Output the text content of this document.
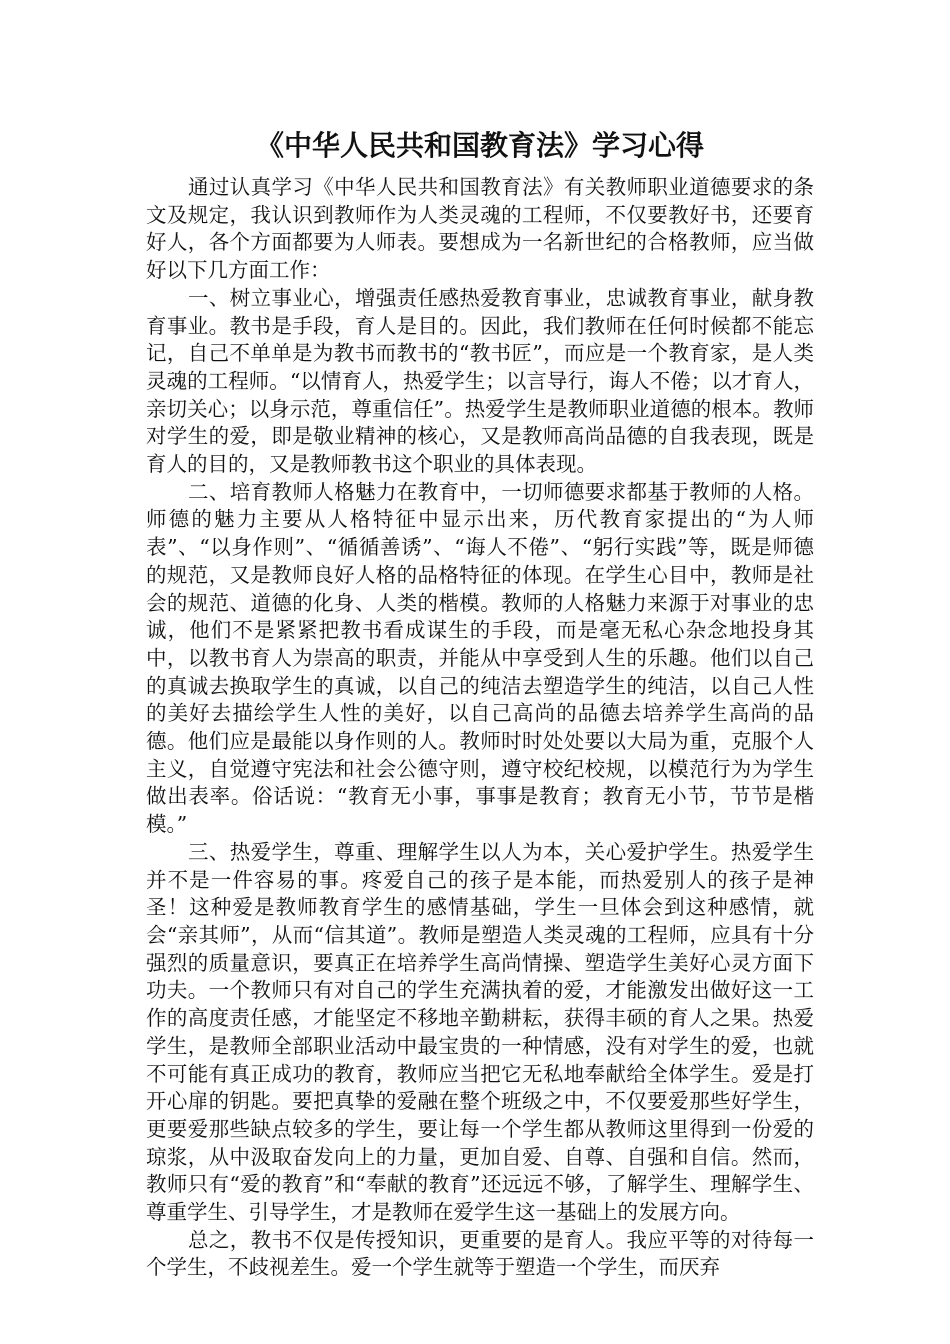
《中华人民共和国教育法》学习心得

通过认真学习《中华人民共和国教育法》有关教师职业道德要求的条文及规定，我认识到教师作为人类灵魂的工程师，不仅要教好书，还要育好人，各个方面都要为人师表。要想成为一名新世纪的合格教师，应当做好以下几方面工作：

一、树立事业心，增强责任感热爱教育事业，忠诚教育事业，献身教育事业。教书是手段，育人是目的。因此，我们教师在任何时候都不能忘记，自己不单单是为教书而教书的“教书匠”，而应是一个教育家，是人类灵魂的工程师。“以情育人，热爱学生；以言导行，诲人不倦；以才育人，亲切关心；以身示范，尊重信任”。热爱学生是教师职业道德的根本。教师对学生的爱，即是敬业精神的核心，又是教师高尚品德的自我表现，既是育人的目的，又是教师教书这个职业的具体表现。

二、培育教师人格魅力在教育中，一切师德要求都基于教师的人格。师德的魅力主要从人格特征中显示出来，历代教育家提出的“为人师表”、“以身作则”、“循循善诱”、“诲人不倦”、“躬行实践”等，既是师德的规范，又是教师良好人格的品格特征的体现。在学生心目中，教师是社会的规范、道德的化身、人类的楷模。教师的人格魅力来源于对事业的忠诚，他们不是紧紧把教书看成谋生的手段，而是毫无私心杂念地投身其中，以教书育人为崇高的职责，并能从中享受到人生的乐趣。他们以自己的真诚去换取学生的真诚，以自己的纯洁去塑造学生的纯洁，以自己人性的美好去描绘学生人性的美好，以自己高尚的品德去培养学生高尚的品德。他们应是最能以身作则的人。教师时时处处要以大局为重，克服个人主义，自觉遵守宪法和社会公德守则，遵守校纪校规，以模范行为为学生做出表率。俗话说：“教育无小事，事事是教育；教育无小节，节节是楷模。”

三、热爱学生，尊重、理解学生以人为本，关心爱护学生。热爱学生并不是一件容易的事。疼爱自己的孩子是本能，而热爱别人的孩子是神圣！这种爱是教师教育学生的感情基础，学生一旦体会到这种感情，就会“亲其师”，从而“信其道”。教师是塑造人类灵魂的工程师，应具有十分强烈的质量意识，要真正在培养学生高尚情操、塑造学生美好心灵方面下功夫。一个教师只有对自己的学生充满执着的爱，才能激发出做好这一工作的高度责任感，才能坚定不移地辛勤耕耘，获得丰硕的育人之果。热爱学生，是教师全部职业活动中最宝贵的一种情感，没有对学生的爱，也就不可能有真正成功的教育，教师应当把它无私地奉献给全体学生。爱是打开心扉的钥匙。要把真挚的爱融在整个班级之中，不仅要爱那些好学生，更要爱那些缺点较多的学生，要让每一个学生都从教师这里得到一份爱的琼浆，从中汲取奋发向上的力量，更加自爱、自尊、自强和自信。然而，教师只有“爱的教育”和“奉献的教育”还远远不够，了解学生、理解学生、尊重学生、引导学生，才是教师在爱学生这一基础上的发展方向。

总之，教书不仅是传授知识，更重要的是育人。我应平等的对待每一个学生，不歧视差生。爱一个学生就等于塑造一个学生，而厌弃
